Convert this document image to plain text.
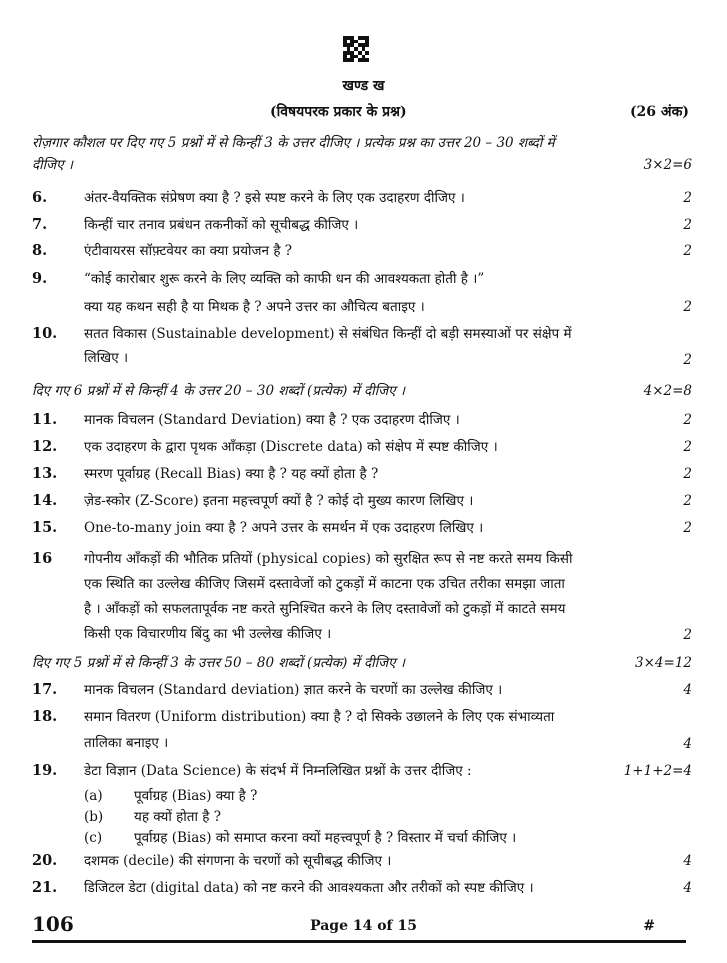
खण्ड ख
(विषयपरक प्रकार के प्रश्न)	(26 अंक)
रोज़गार कौशल पर दिए गए 5 प्रश्नों में से किन्हीं 3 के उत्तर दीजिए । प्रत्येक प्रश्न का उत्तर 20 – 30 शब्दों में
दीजिए ।	3×2=6
6.	अंतर-वैयक्तिक संप्रेषण क्या है ? इसे स्पष्ट करने के लिए एक उदाहरण दीजिए ।	2
7.	किन्हीं चार तनाव प्रबंधन तकनीकों को सूचीबद्ध कीजिए ।	2
8.	एंटीवायरस सॉफ़्टवेयर का क्या प्रयोजन है ?	2
9.	“कोई कारोबार शुरू करने के लिए व्यक्ति को काफी धन की आवश्यकता होती है ।”
क्या यह कथन सही है या मिथक है ? अपने उत्तर का औचित्य बताइए ।	2
10. सतत विकास (Sustainable development) से संबंधित किन्हीं दो बड़ी समस्याओं पर संक्षेप में
लिखिए ।	2
दिए गए 6 प्रश्नों में से किन्हीं 4 के उत्तर 20 – 30 शब्दों (प्रत्येक) में दीजिए ।	4×2=8
11. मानक विचलन (Standard Deviation) क्या है ? एक उदाहरण दीजिए ।	2
12. एक उदाहरण के द्वारा पृथक आँकड़ा (Discrete data) को संक्षेप में स्पष्ट कीजिए ।	2
13. स्मरण पूर्वाग्रह (Recall Bias) क्या है ? यह क्यों होता है ?	2
14. ज़ेड-स्कोर (Z-Score) इतना महत्त्वपूर्ण क्यों है ? कोई दो मुख्य कारण लिखिए ।	2
15. One-to-many join क्या है ? अपने उत्तर के समर्थन में एक उदाहरण लिखिए ।	2
16 गोपनीय आँकड़ों की भौतिक प्रतियों (physical copies) को सुरक्षित रूप से नष्ट करते समय किसी
एक स्थिति का उल्लेख कीजिए जिसमें दस्तावेजों को टुकड़ों में काटना एक उचित तरीका समझा जाता
है । आँकड़ों को सफलतापूर्वक नष्ट करते सुनिश्चित करने के लिए दस्तावेजों को टुकड़ों में काटते समय
किसी एक विचारणीय बिंदु का भी उल्लेख कीजिए ।	2
दिए गए 5 प्रश्नों में से किन्हीं 3 के उत्तर 50 – 80 शब्दों (प्रत्येक) में दीजिए ।	3×4=12
17. मानक विचलन (Standard deviation) ज्ञात करने के चरणों का उल्लेख कीजिए ।	4
18. समान वितरण (Uniform distribution) क्या है ? दो सिक्के उछालने के लिए एक संभाव्यता
तालिका बनाइए ।	4
19. डेटा विज्ञान (Data Science) के संदर्भ में निम्नलिखित प्रश्नों के उत्तर दीजिए :	1+1+2=4
(a) पूर्वाग्रह (Bias) क्या है ?
(b) यह क्यों होता है ?
(c) पूर्वाग्रह (Bias) को समाप्त करना क्यों महत्त्वपूर्ण है ? विस्तार में चर्चा कीजिए ।
20. दशमक (decile) की संगणना के चरणों को सूचीबद्ध कीजिए ।	4
21. डिजिटल डेटा (digital data) को नष्ट करने की आवश्यकता और तरीकों को स्पष्ट कीजिए ।	4
106	Page 14 of 15	#
